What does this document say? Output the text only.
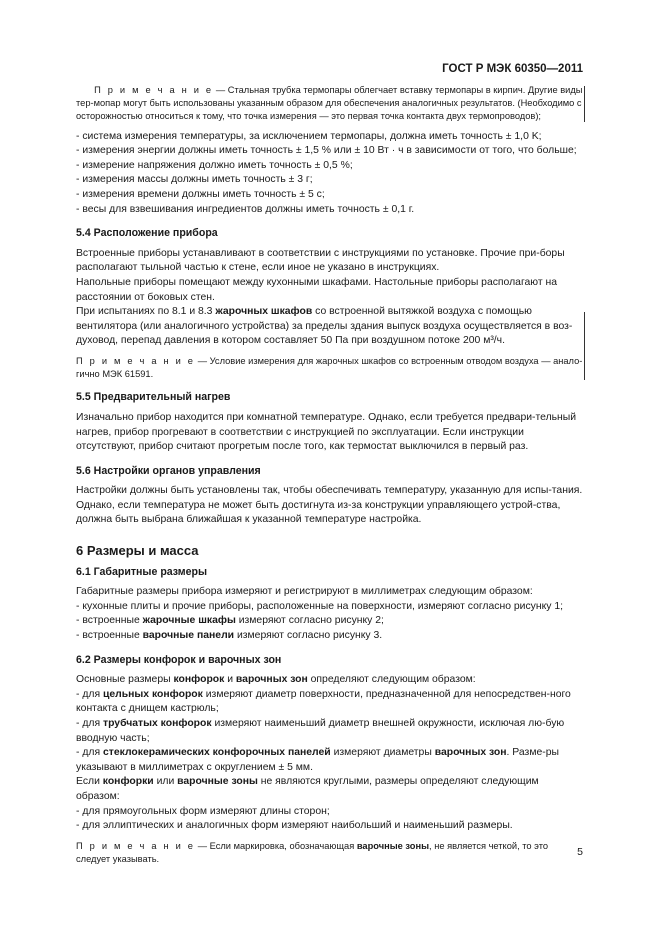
ГОСТ Р МЭК 60350—2011

П р и м е ч а н и е — Стальная трубка термопары облегчает вставку термопары в кирпич. Другие виды тер-мопар могут быть использованы указанным образом для обеспечения аналогичных результатов. (Необходимо с осторожностью относиться к тому, что точка измерения — это первая точка контакта двух термопроводов);

- система измерения температуры, за исключением термопары, должна иметь точность ± 1,0 K;

- измерения энергии должны иметь точность ± 1,5 % или ± 10 Вт · ч в зависимости от того, что больше;

- измерение напряжения должно иметь точность ± 0,5 %;

- измерения массы должны иметь точность ± 3 г;

- измерения времени должны иметь точность ± 5 с;

- весы для взвешивания ингредиентов должны иметь точность ± 0,1 г.

5.4 Расположение прибора

Встроенные приборы устанавливают в соответствии с инструкциями по установке. Прочие при-боры располагают тыльной частью к стене, если иное не указано в инструкциях.

Напольные приборы помещают между кухонными шкафами. Настольные приборы располагают на расстоянии от боковых стен.

При испытаниях по 8.1 и 8.3 жарочных шкафов со встроенной вытяжкой воздуха с помощью вентилятора (или аналогичного устройства) за пределы здания выпуск воздуха осуществляется в воз-духовод, перепад давления в котором составляет 50 Па при воздушном потоке 200 м³/ч.

П р и м е ч а н и е — Условие измерения для жарочных шкафов со встроенным отводом воздуха — анало-гично МЭК 61591.

5.5 Предварительный нагрев

Изначально прибор находится при комнатной температуре. Однако, если требуется предвари-тельный нагрев, прибор прогревают в соответствии с инструкцией по эксплуатации. Если инструкции отсутствуют, прибор считают прогретым после того, как термостат выключился в первый раз.

5.6 Настройки органов управления

Настройки должны быть установлены так, чтобы обеспечивать температуру, указанную для испы-тания. Однако, если температура не может быть достигнута из-за конструкции управляющего устрой-ства, должна быть выбрана ближайшая к указанной температуре настройка.

6 Размеры и масса
6.1 Габаритные размеры

Габаритные размеры прибора измеряют и регистрируют в миллиметрах следующим образом:

- кухонные плиты и прочие приборы, расположенные на поверхности, измеряют согласно рисунку 1;

- встроенные жарочные шкафы измеряют согласно рисунку 2;

- встроенные варочные панели измеряют согласно рисунку 3.

6.2 Размеры конфорок и варочных зон

Основные размеры конфорок и варочных зон определяют следующим образом:

- для цельных конфорок измеряют диаметр поверхности, предназначенной для непосредствен-ного контакта с днищем кастрюль;

- для трубчатых конфорок измеряют наименьший диаметр внешней окружности, исключая лю-бую вводную часть;

- для стеклокерамических конфорочных панелей измеряют диаметры варочных зон. Разме-ры указывают в миллиметрах с округлением ± 5 мм.

Если конфорки или варочные зоны не являются круглыми, размеры определяют следующим образом:

- для прямоугольных форм измеряют длины сторон;

- для эллиптических и аналогичных форм измеряют наибольший и наименьший размеры.

П р и м е ч а н и е — Если маркировка, обозначающая варочные зоны, не является четкой, то это следует указывать.

5
